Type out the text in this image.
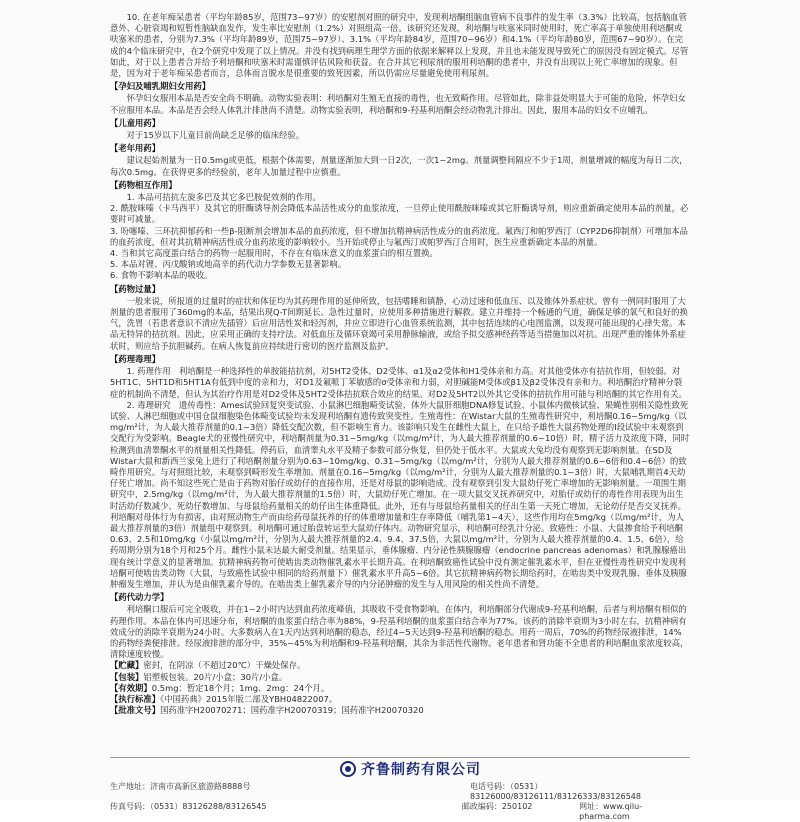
10. 在老年痴呆患者（平均年龄85岁，范围73~97岁）的安慰剂对照的研究中，发现利培酮组脑血管病不良事件的发生率（3.3%）比较高，包括脑血管意外、心脏衰竭和短暂性脑缺血发作，发生率比安慰剂（1.2%）对照组高一倍。该研究还发现，利培酮与呋塞米同时使用时，死亡率高于单独使用利培酮或呋塞米的患者，分别为7.3%（平均年龄89岁，范围75~97岁）、3.1%（平均年龄84岁，范围70~96岁）和4.1%（平均年龄80岁，范围67~90岁）。在完成的4个临床研究中，在2个研究中发现了以上情况。并没有找到病理生理学方面的依据来解释以上发现，并且也未能发现导致死亡的原因没有固定模式。尽管如此，对于以上患者合并给予利培酮和呋塞米时需谨慎评估风险和获益。在合并其它利尿剂的服用利培酮的患者中，并没有出现以上死亡率增加的现象。但是，因为对于老年痴呆患者而言，总体而言脱水是很重要的致死因素，所以仍需应尽量避免使用利尿剂。

【孕妇及哺乳期妇女用药】

怀孕妇女服用本品是否安全尚不明确。动物实验表明：利培酮对生殖无直接的毒性，也无致畸作用。尽管如此，除非益处明显大于可能的危险，怀孕妇女不应服用本品。本品是否会经人体乳汁排泄尚不清楚。动物实验表明，利培酮和9-羟基利培酮会经动物乳汁排出。因此，服用本品的妇女不应哺乳。

【儿童用药】

对于15岁以下儿童目前尚缺乏足够的临床经验。

【老年用药】

建议起始剂量为一日0.5mg或更低，根据个体需要，剂量逐渐加大到一日2次，一次1~2mg。剂量调整间隔应不少于1周，剂量增减的幅度为每日二次，每次0.5mg。在获得更多的经验前，老年人加量过程中应慎重。

【药物相互作用】

1. 本品可拮抗左旋多巴及其它多巴胺促效剂的作用。
2. 酰胺咪嗪（卡马西平）及其它的肝酶诱导剂会降低本品活性成分的血浆浓度，一旦停止使用酰胺咪嗪或其它肝酶诱导剂，则应重新确定使用本品的剂量，必要时可减量。
3. 吩噻嗪、三环抗抑郁药和一些β-阻断剂会增加本品的血药浓度，但不增加抗精神病活性成分的血药浓度。氟西汀和帕罗西汀（CYP2D6抑制剂）可增加本品的血药浓度，但对其抗精神病活性成分血药浓度的影响较小。当开始或停止与氟西汀或帕罗西汀合用时，医生应重新确定本品的剂量。
4. 当和其它高度蛋白结合的药物一起服用时，不存在有临床意义的血浆蛋白的相互置换。
5. 本品对锂、丙戊酸钠或地高辛的药代动力学参数无显著影响。
6. 食物不影响本品的吸收。

【药物过量】

一般来说，所报道的过量时的症状和体征均为其药理作用的延伸所致，包括嗜睡和镇静，心动过速和低血压、以及锥体外系症状。曾有一例同时服用了大剂量的患者服用了360mg的本品，结果出现Q-T间期延长。急性过量时，应使用多种措施进行解救。建立并维持一个畅通的气道，确保足够的氧气和良好的换气，洗胃（若患者意识不清应先插管）后应用活性炭和轻泻剂，并应立即进行心血管系统监测，其中包括连续的心电图监测，以发现可能出现的心律失常。本品无特异的拮抗剂。因此，应采用正确的支持疗法。对低血压及循环衰竭可采用静脉输液，或给予拟交感神经药等适当措施加以对抗。出现严重的锥体外系症状时，则应给予抗胆碱药。在病人恢复前应持续进行密切的医疗监测及监护。

【药理毒理】

1. 药理作用　利培酮是一种选择性的单胺能拮抗剂，对5HT2受体、D2受体、α1及α2受体和H1受体亲和力高。对其他受体亦有拮抗作用，但较弱。对5HT1C、5HT1D和5HT1A有低到中度的亲和力，对D1及氟哌丁苯敏感的σ受体亲和力弱，对胆碱能M受体或β1及β2受体没有亲和力。利培酮治疗精神分裂症的机制尚不清楚，但认为其治疗作用是对D2受体及5HT2受体拮抗联合效应的结果。对D2及5HT2以外其它受体的拮抗作用可能与利培酮的其它作用有关。

2. 毒理研究　遗传毒性：Ames试验回复突变试验、小鼠淋巴细胞畸变试验、体外大鼠肝细胞DNA修复试验、小鼠体内微核试验、果蝇性别相关隐性致死试验、人淋巴细胞或中国仓鼠细胞染色体畸变试验均未发现利培酮有遗传致突变性。生殖毒性：在Wistar大鼠的生殖毒性研究中，利培酮0.16~5mg/kg（以mg/m²计，为人最大推荐剂量的0.1~3倍）降低交配次数，但不影响生育力。该影响只发生在雌性大鼠上，在只给予雄性大鼠药物处理的Ⅰ段试验中未观察到交配行为受影响。Beagle犬的亚慢性研究中，利培酮剂量为0.31~5mg/kg（以mg/m²计，为人最大推荐剂量的0.6~10倍）时，精子活力及浓度下降，同时检测到血清睾酮水平的剂量相关性降低。停药后，血清睾丸水平及精子参数可部分恢复，但仍处于低水平。大鼠或大兔均没有观察到无影响剂量。在SD及Wistar大鼠和新西兰家兔上进行了利培酮剂量分别为0.63~10mg/kg、0.31~5mg/kg（以mg/m²计，分别为人最大推荐剂量的0.6~6倍和0.4~6倍）的致畸作用研究。与对照组比较，未观察到畸形发生率增加。剂量在0.16~5mg/kg（以mg/m²计，分别为人最大推荐剂量的0.1~3倍）时，大鼠哺乳期首4天幼仔死亡增加。尚不知这些死亡是由于药物对胎仔或幼仔的直接作用，还是对母鼠的影响造成。没有观察到引发大鼠幼仔死亡率增加的无影响剂量。一项围生期研究中，2.5mg/kg（以mg/m²计，为人最大推荐剂量的1.5倍）时，大鼠幼仔死亡增加。在一项大鼠交叉抚养研究中，对胎仔或幼仔的毒性作用表现为出生时活幼仔数减少、死幼仔数增加、与母鼠给药量相关的幼仔出生体重降低。此外，还有与母鼠给药量相关的仔出生第一天死亡增加，无论幼仔是否交叉抚养。利培酮对母体行为有损害，由对照动物生产而由给药母鼠抚养的仔的体重增加量和生存率降低（哺乳第1~4天），这些作用均在5mg/kg（以mg/m²计，为人最大推荐剂量的3倍）剂量组中观察到。利培酮可通过胎盘转运至大鼠幼仔体内。动物研究显示，利培酮可经乳汁分泌。致癌性：小鼠、大鼠掺食给予利培酮0.63、2.5和10mg/kg（小鼠以mg/m²计，分别为人最大推荐剂量的2.4、9.4、37.5倍，大鼠以mg/m²计，分别为人最大推荐剂量的0.4、1.5、6倍），给药周期分别为18个月和25个月。雌性小鼠未达最大耐受剂量。结果显示，垂体腺瘤、内分泌性胰腺腺瘤（endocrine pancreas adenomas）和乳腺腺癌出现有统计学意义的显著增加。抗精神病药物可使啮齿类动物催乳素水平长期升高。在利培酮致癌性试验中没有测定催乳素水平，但在亚慢性毒性研究中发现利培酮可使啮齿类动物（大鼠，与致癌性试验中相同的给药剂量下）催乳素水平升高5~6倍。其它抗精神病药物长期给药时，在啮齿类中发现乳腺、垂体及胰腺肿瘤发生增加，并认为是由催乳素介导的。在啮齿类上催乳素介导的内分泌肿瘤的发生与人用风险的相关性尚不清楚。

【药代动力学】

利培酮口服后可完全吸收，并在1~2小时内达到血药浓度峰值，其吸收不受食物影响。在体内，利培酮部分代谢成9-羟基利培酮，后者与利培酮有相似的药理作用。本品在体内可迅速分布，利培酮的血浆蛋白结合率为88%，9-羟基利培酮的血浆蛋白结合率为77%。该药的消除半衰期为3小时左右，抗精神病有效成分的消除半衰期为24小时。大多数病人在1天内达到利培酮的稳态，经过4~5天达到9-羟基利培酮的稳态。用药一周后，70%的药物经尿液排泄，14%的药物经粪便排泄。经尿液排泄的部分中，35%~45%为利培酮和9-羟基利培酮，其余为非活性代谢物。老年患者和肾功能不全患者的利培酮血浆浓度较高，清除速度较慢。

【贮藏】密封，在阴凉（不超过20℃）干燥处保存。

【包装】铝塑板包装。20片/小盒；30片/小盒。

【有效期】0.5mg：暂定18个月；1mg、2mg：24个月。

【执行标准】《中国药典》2015年版二部及YBH04822007。

【批准文号】国药准字H20070271；国药准字H20070319；国药准字H20070320

齐鲁制药有限公司
生产地址：济南市高新区旅游路8888号	电话号码：（0531）83126000/83126111/83126333/83126548
传真号码：（0531）83126288/83126545	邮政编码：250102	网址：www.qilu-pharma.com
